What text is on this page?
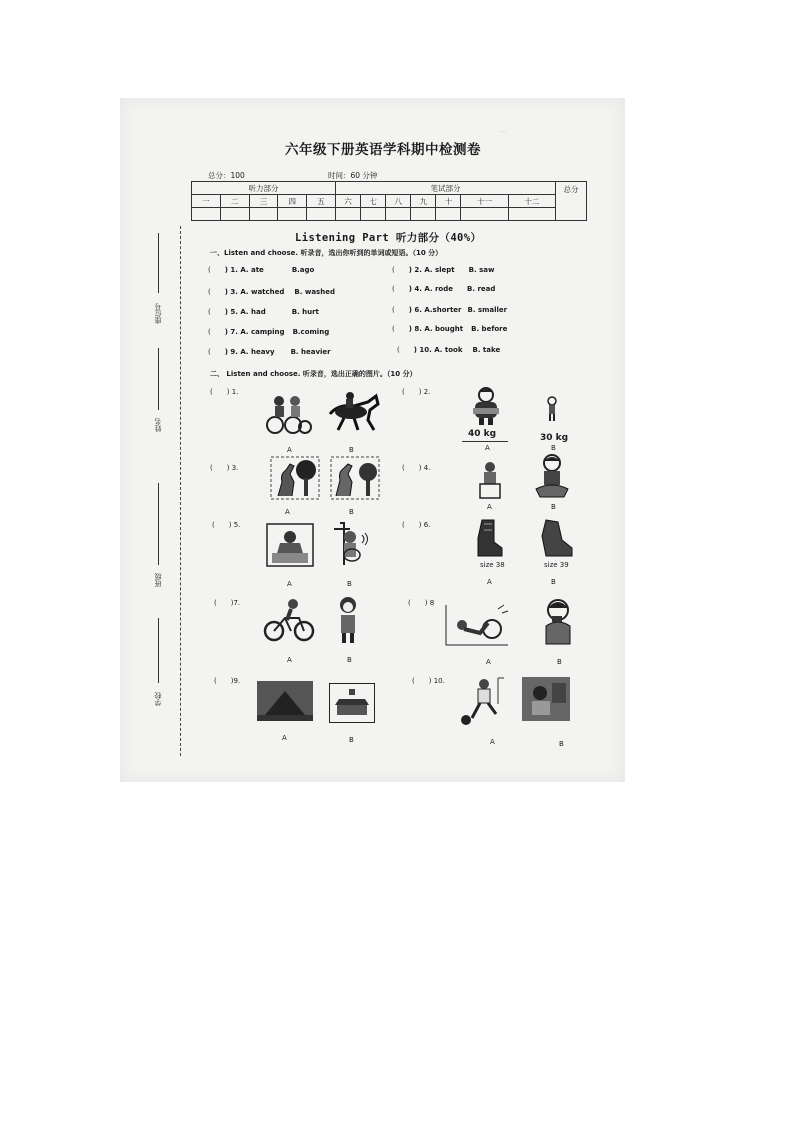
…
六年级下册英语学科期中检测卷
总分：100	时间：60 分钟
听力部分					笔试部分							总分
一	二	三	四	五	六	七	八	九	十	十一	十二	

座位号
姓名
班级
学校
Listening Part 听力部分（40%）
一、Listen and choose. 听录音，选出你听到的单词或短语。（10 分）
( ) 1. A. ate	B.ago	( ) 2. A. slept B. saw
( ) 3. A. watched B. washed	( ) 4. A. rode B. read
( ) 5. A. had	B. hurt	( ) 6. A.shorter B. smaller
( ) 7. A. camping B.coming	( ) 8. A. bought B. before
( ) 9. A. heavy B. heavier	( ) 10. A. took B. take
二、 Listen and choose. 听录音，选出正确的图片。（10 分）
( ) 1.
A	B
( ) 2.
40 kg	30 kg
A	B
( ) 3.
A	B
( ) 4.
A	B
( ) 5.
A	B
( ) 6.
size 38	size 39
A	B
( )7.
A	B
( ) 8
A	B
( )9.
A	B
( ) 10.
A	B
